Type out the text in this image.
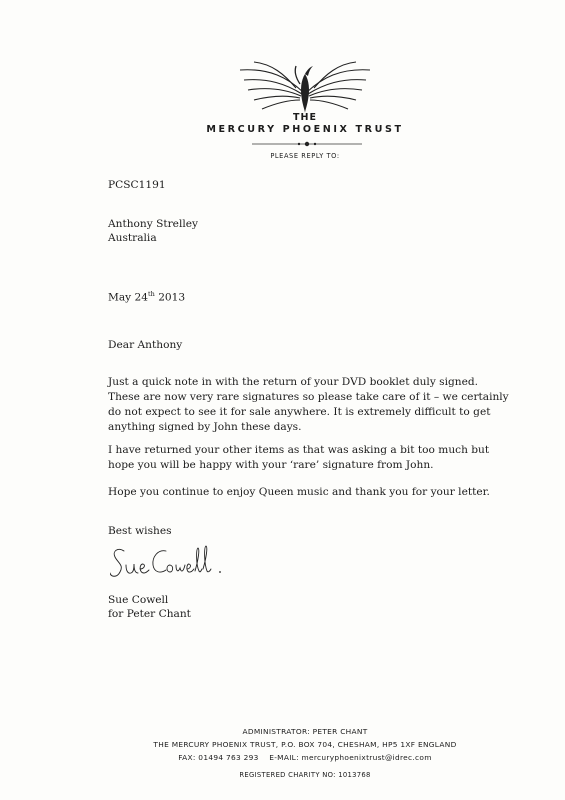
THE
MERCURY PHOENIX TRUST
PLEASE REPLY TO:
PCSC1191
Anthony Strelley
Australia
May 24th 2013
Dear Anthony
Just a quick note in with the return of your DVD booklet duly signed. These are now very rare signatures so please take care of it – we certainly do not expect to see it for sale anywhere. It is extremely difficult to get anything signed by John these days.
I have returned your other items as that was asking a bit too much but hope you will be happy with your ‘rare’ signature from John.
Hope you continue to enjoy Queen music and thank you for your letter.
Best wishes
Sue Cowell
for Peter Chant
ADMINISTRATOR: PETER CHANT
THE MERCURY PHOENIX TRUST, P.O. BOX 704, CHESHAM, HP5 1XF ENGLAND
FAX: 01494 763 293    E-MAIL: mercuryphoenixtrust@idrec.com
REGISTERED CHARITY NO: 1013768
